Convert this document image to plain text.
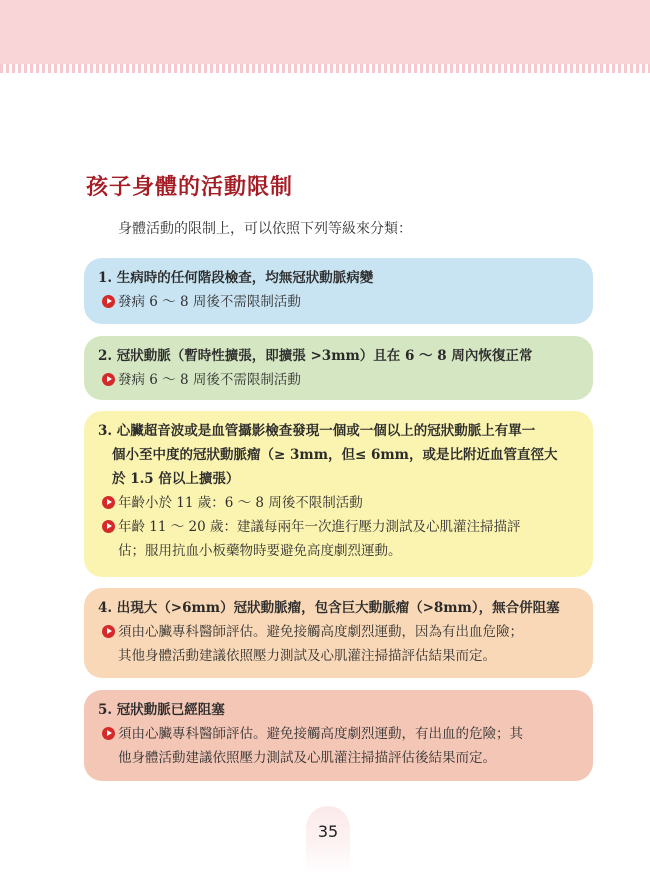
孩子身體的活動限制
身體活動的限制上，可以依照下列等級來分類：
1. 生病時的任何階段檢查，均無冠狀動脈病變
發病 6 ～ 8 周後不需限制活動
2. 冠狀動脈（暫時性擴張，即擴張 >3mm）且在 6 ～ 8 周內恢復正常
發病 6 ～ 8 周後不需限制活動
3. 心臟超音波或是血管攝影檢查發現一個或一個以上的冠狀動脈上有單一
個小至中度的冠狀動脈瘤（≥ 3mm，但≤ 6mm，或是比附近血管直徑大
於 1.5 倍以上擴張）
年齡小於 11 歲：6 ～ 8 周後不限制活動
年齡 11 ～ 20 歲：建議每兩年一次進行壓力測試及心肌灌注掃描評
估；服用抗血小板藥物時要避免高度劇烈運動。
4. 出現大（>6mm）冠狀動脈瘤，包含巨大動脈瘤（>8mm），無合併阻塞
須由心臟專科醫師評估。避免接觸高度劇烈運動，因為有出血危險；
其他身體活動建議依照壓力測試及心肌灌注掃描評估結果而定。
5. 冠狀動脈已經阻塞
須由心臟專科醫師評估。避免接觸高度劇烈運動，有出血的危險；其
他身體活動建議依照壓力測試及心肌灌注掃描評估後結果而定。
35
